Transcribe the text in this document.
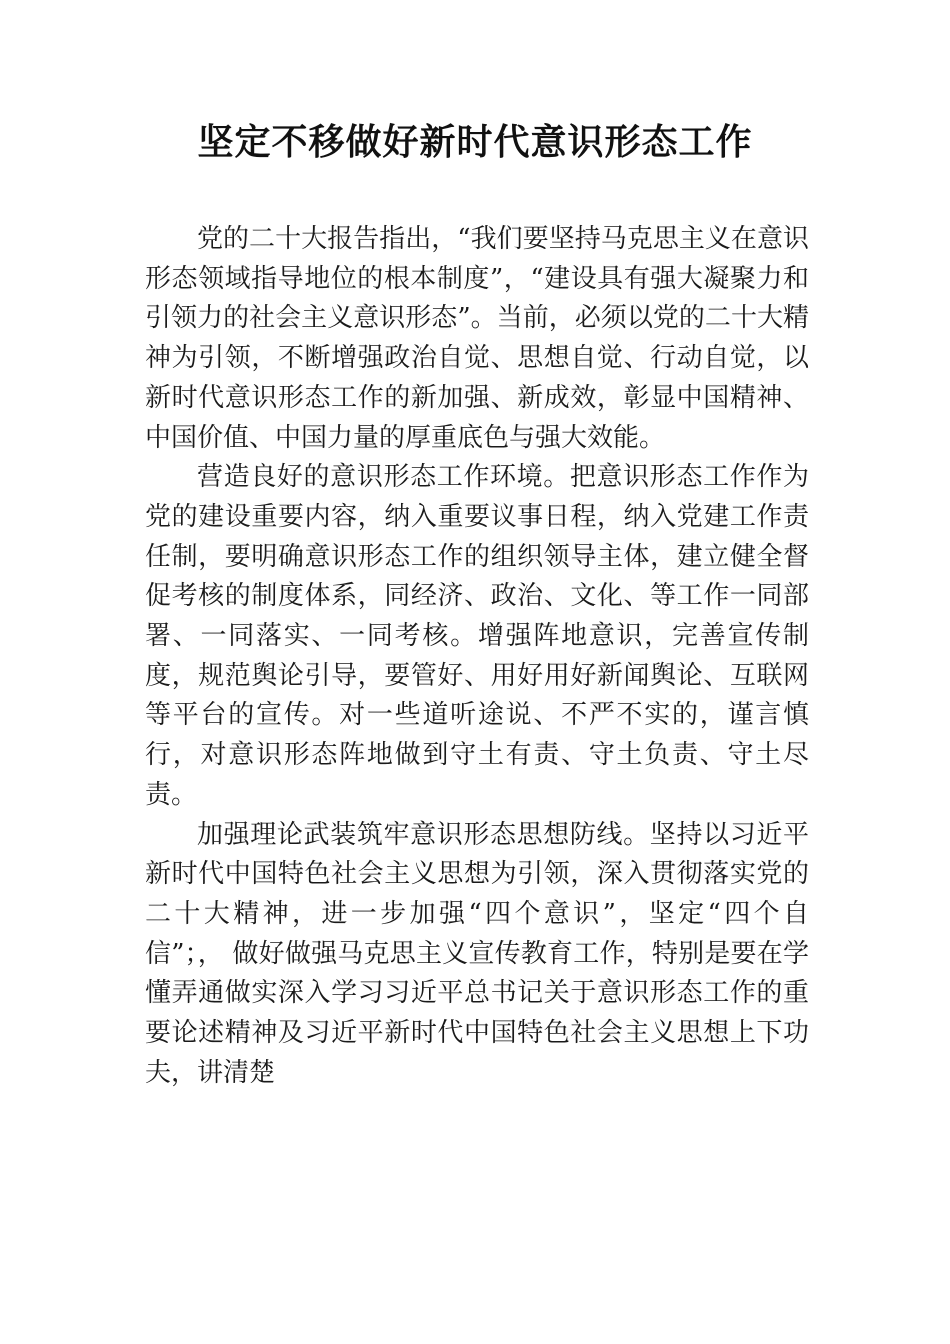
坚定不移做好新时代意识形态工作

党的二十大报告指出，“我们要坚持马克思主义在意识形态领域指导地位的根本制度”，“建设具有强大凝聚力和引领力的社会主义意识形态”。当前，必须以党的二十大精神为引领，不断增强政治自觉、思想自觉、行动自觉，以新时代意识形态工作的新加强、新成效，彰显中国精神、中国价值、中国力量的厚重底色与强大效能。

营造良好的意识形态工作环境。把意识形态工作作为党的建设重要内容，纳入重要议事日程，纳入党建工作责任制，要明确意识形态工作的组织领导主体，建立健全督促考核的制度体系，同经济、政治、文化、等工作一同部署、一同落实、一同考核。增强阵地意识，完善宣传制度，规范舆论引导，要管好、用好用好新闻舆论、互联网等平台的宣传。对一些道听途说、不严不实的，谨言慎行，对意识形态阵地做到守土有责、守土负责、守土尽责。

加强理论武装筑牢意识形态思想防线。坚持以习近平新时代中国特色社会主义思想为引领，深入贯彻落实党的二十大精神，进一步加强“四个意识”，坚定“四个自信”；， 做好做强马克思主义宣传教育工作，特别是要在学懂弄通做实深入学习习近平总书记关于意识形态工作的重要论述精神及习近平新时代中国特色社会主义思想上下功夫，讲清楚
